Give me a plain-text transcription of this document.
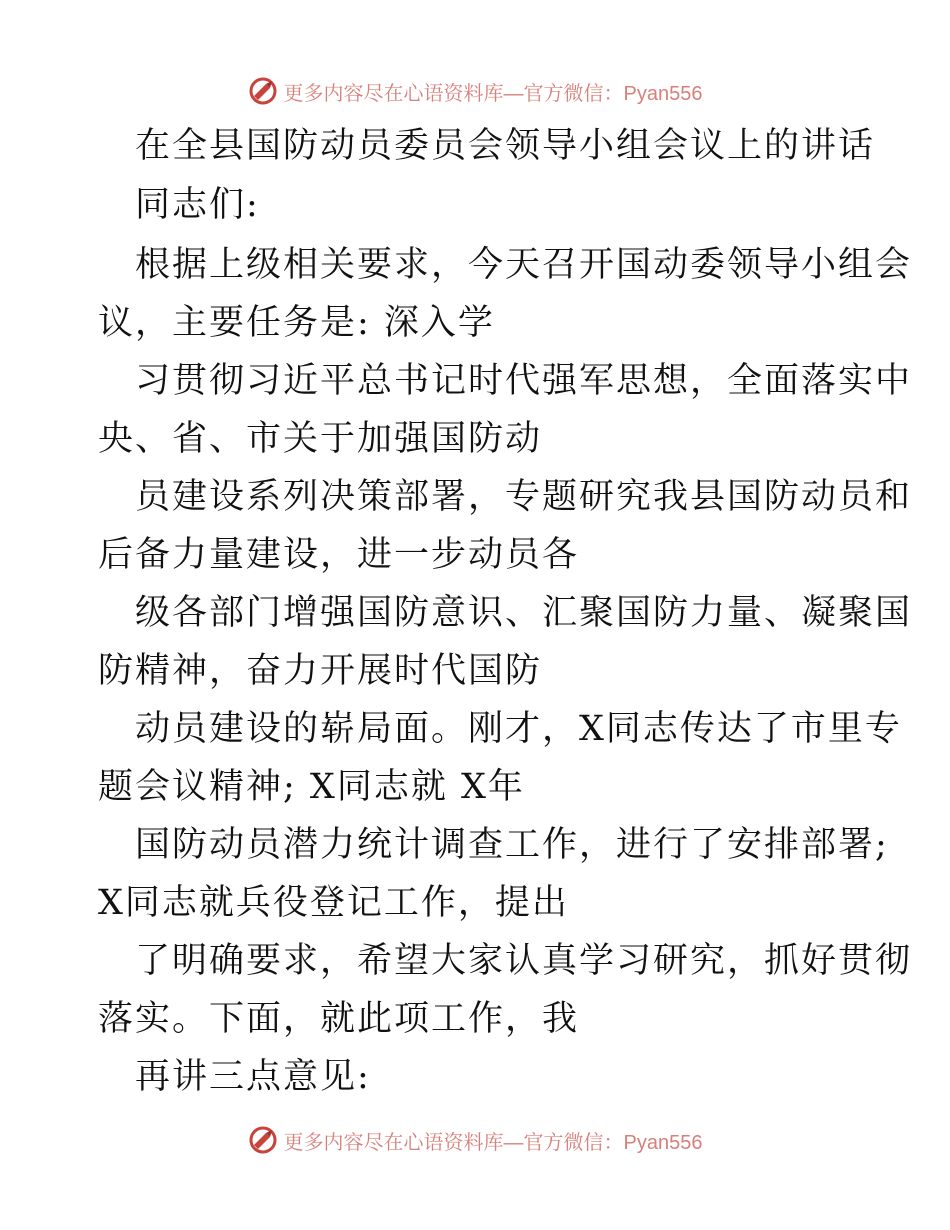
更多内容尽在心语资料库—官方微信：Pyan556
在全县国防动员委员会领导小组会议上的讲话
同志们:
根据上级相关要求，今天召开国动委领导小组会
议，主要任务是: 深入学
习贯彻习近平总书记时代强军思想，全面落实中
央、省、市关于加强国防动
员建设系列决策部署，专题研究我县国防动员和
后备力量建设，进一步动员各
级各部门增强国防意识、汇聚国防力量、凝聚国
防精神，奋力开展时代国防
动员建设的崭局面。刚才，X同志传达了市里专
题会议精神; X同志就 X年
国防动员潜力统计调查工作，进行了安排部署;
X同志就兵役登记工作，提出
了明确要求，希望大家认真学习研究，抓好贯彻
落实。下面，就此项工作，我
再讲三点意见:
更多内容尽在心语资料库—官方微信：Pyan556
